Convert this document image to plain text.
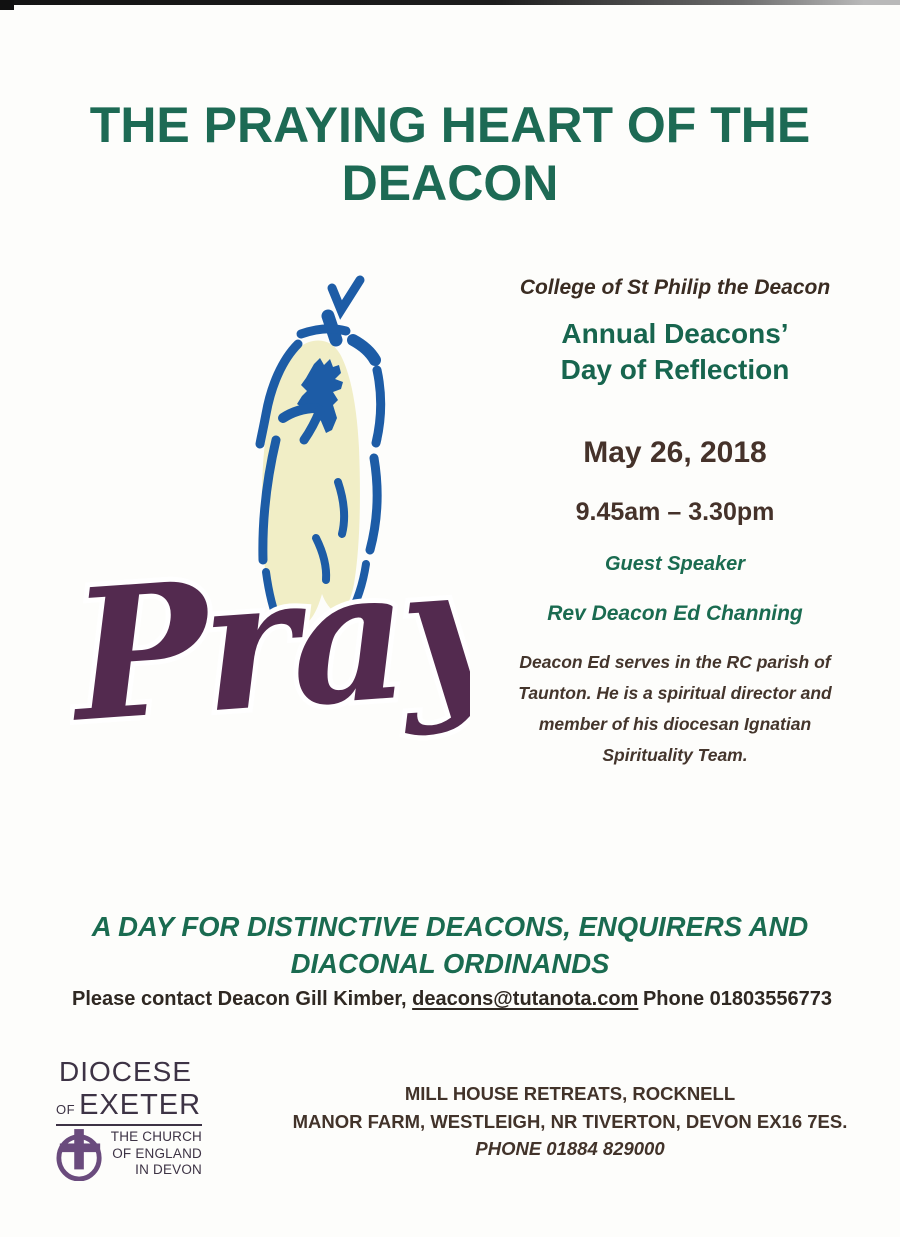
THE PRAYING HEART OF THE
DEACON
Pray
College of St Philip the Deacon
Annual Deacons’
Day of Reflection
May 26, 2018
9.45am – 3.30pm
Guest Speaker
Rev Deacon Ed Channing
Deacon Ed serves in the RC parish of
Taunton. He is a spiritual director and
member of his diocesan Ignatian
Spirituality Team.
A DAY FOR DISTINCTIVE DEACONS, ENQUIRERS AND
DIACONAL ORDINANDS
Please contact Deacon Gill Kimber, deacons@tutanota.com Phone 01803556773
DIOCESE
OF EXETER
THE CHURCH
OF ENGLAND
IN DEVON
MILL HOUSE RETREATS, ROCKNELL
MANOR FARM, WESTLEIGH, NR TIVERTON, DEVON EX16 7ES.
PHONE 01884 829000
